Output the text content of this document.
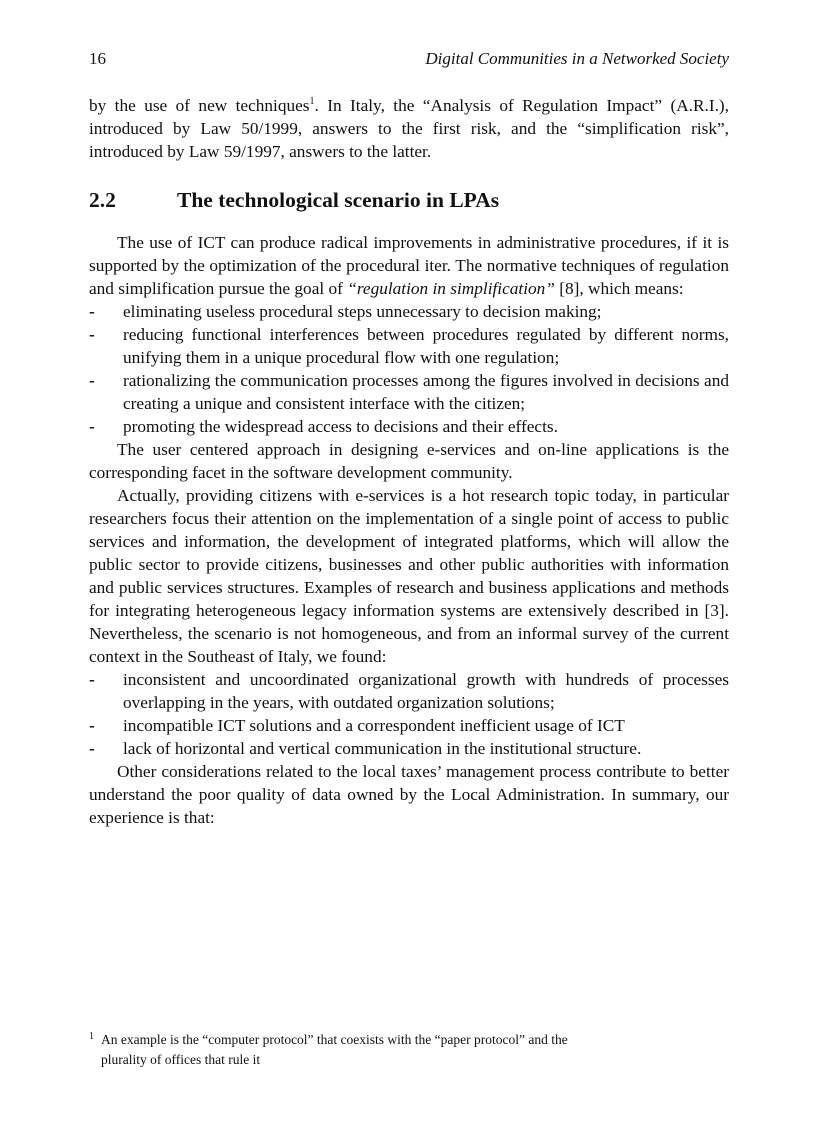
16	Digital Communities in a Networked Society

by the use of new techniques$^1$. In Italy, the “Analysis of Regulation Impact” (A.R.I.), introduced by Law 50/1999, answers to the first risk, and the “simplification risk”, introduced by Law 59/1997, answers to the latter.

2.2	The technological scenario in LPAs

The use of ICT can produce radical improvements in administrative procedures, if it is supported by the optimization of the procedural iter. The normative techniques of regulation and simplification pursue the goal of “regulation in simplification” [8], which means:

- eliminating useless procedural steps unnecessary to decision making;
- reducing functional interferences between procedures regulated by different norms, unifying them in a unique procedural flow with one regulation;
- rationalizing the communication processes among the figures involved in decisions and creating a unique and consistent interface with the citizen;
- promoting the widespread access to decisions and their effects.

The user centered approach in designing e-services and on-line applications is the corresponding facet in the software development community.

Actually, providing citizens with e-services is a hot research topic today, in particular researchers focus their attention on the implementation of a single point of access to public services and information, the development of integrated platforms, which will allow the public sector to provide citizens, businesses and other public authorities with information and public services structures. Examples of research and business applications and methods for integrating heterogeneous legacy information systems are extensively described in [3]. Nevertheless, the scenario is not homogeneous, and from an informal survey of the current context in the Southeast of Italy, we found:

- inconsistent and uncoordinated organizational growth with hundreds of processes overlapping in the years, with outdated organization solutions;
- incompatible ICT solutions and a correspondent inefficient usage of ICT
- lack of horizontal and vertical communication in the institutional structure.

Other considerations related to the local taxes’ management process contribute to better understand the poor quality of data owned by the Local Administration. In summary, our experience is that:

1 An example is the “computer protocol” that coexists with the “paper protocol” and the
plurality of offices that rule it
